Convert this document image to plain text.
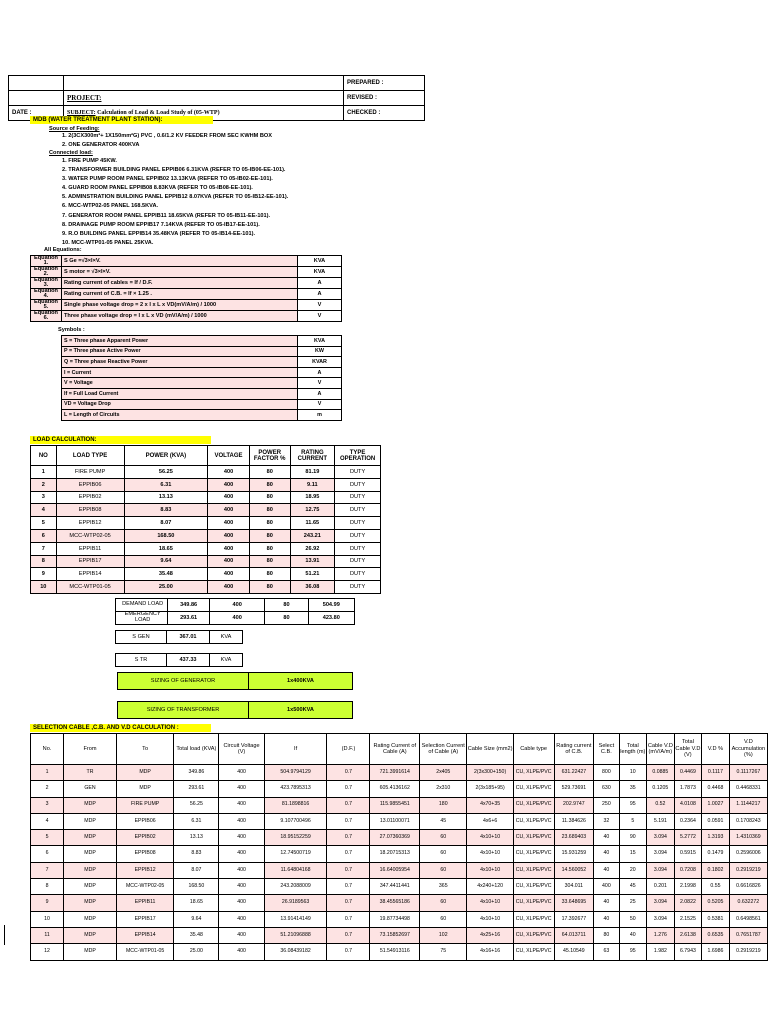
		PREPARED :
	PROJECT:	REVISED :
DATE :	SUBJECT: Calculation of Load & Load Study of (05-WTP)	CHECKED :
MDB (WATER TREATMENT PLANT STATION):
Source of Feeding:
1. 2(3CX300m²+ 1X150mm²G) PVC , 0.6/1.2 KV FEEDER FROM SEC KWHM BOX
2. ONE GENERATOR 400KVA
Connected load:
1. FIRE PUMP 45KW.
2. TRANSFORMER BUILDING PANEL EPPIB06 6.31KVA (REFER TO 05-IB06-EE-101).
3. WATER PUMP ROOM PANEL EPPIB02 13.13KVA (REFER TO 05-IB02-EE-101).
4. GUARD ROOM PANEL EPPIB08 8.83KVA (REFER TO 05-IB08-EE-101).
5. ADMINSTRATION BUILDING PANEL EPPIB12 8.07KVA (REFER TO 05-IB12-EE-101).
6. MCC-WTP02-05 PANEL 168.5KVA.
7. GENERATOR ROOM PANEL EPPIB11 18.65KVA (REFER TO 05-IB11-EE-101).
8. DRAINAGE PUMP ROOM EPPIB17 7.14KVA (REFER TO 05-IB17-EE-101).
9. R.O BUILDING PANEL EPPIB14 35.48KVA (REFER TO 05-IB14-EE-101).
10. MCC-WTP01-05 PANEL 25KVA.
All Equations:
Equation 1.	S Ge =√3×I×V.	KVA
Equation 2.	S motor = √3×I×V.	KVA
Equation 3.	Rating current of cables = If / D.F.	A
Equation 4.	Rating current of C.B. = If × 1.25 .	A
Equation 5.	Single phase voltage drop = 2 x I x L x VD(mV/A/m) / 1000	V
Equation 6.	Three phase voltage drop = I x L x VD (mV/A/m) / 1000	V
Symbols :
S = Three phase Apparent Power	KVA
P = Three phase Active Power	KW
Q = Three phase Reactive Power	KVAR
I = Current	A
V = Voltage	V
If = Full Load Current	A
VD = Voltage Drop	V
L = Length of Circuits	m
LOAD CALCULATION:
NO	LOAD TYPE	POWER (KVA)	VOLTAGE	POWER FACTOR %	RATING CURRENT	TYPE OPERATION
1	FIRE PUMP	56.25	400	80	81.19	DUTY
2	EPPIB06	6.31	400	80	9.11	DUTY
3	EPPIB02	13.13	400	80	18.95	DUTY
4	EPPIB08	8.83	400	80	12.75	DUTY
5	EPPIB12	8.07	400	80	11.65	DUTY
6	MCC-WTP02-05	168.50	400	80	243.21	DUTY
7	EPPIB11	18.65	400	80	26.92	DUTY
8	EPPIB17	9.64	400	80	13.91	DUTY
9	EPPIB14	35.48	400	80	51.21	DUTY
10	MCC-WTP01-05	25.00	400	80	36.08	DUTY
DEMAND LOAD	349.86	400	80	504.99
EMERGENCY LOAD	293.61	400	80	423.80
S GEN	367.01	KVA
S TR	437.33	KVA
SIZING OF GENERATOR	1x400KVA
SIZING OF TRANSFORMER	1x500KVA
SELECTION CABLE ,C.B. AND V.D CALCULATION :
No.	From	To	Total load (KVA)	Circuit Voltage (V)	If	(D.F.)	Rating Current of Cable (A)	Selection Current of Cable (A)	Cable Size (mm2)	Cable type	Rating current of C.B.	Select C.B.	Total length (m)	Cable V.D (mV/A/m)	Total Cable V.D (V)	V.D %	V.D Accumulation (%)
1	TR	MDP	349.86	400	504.9794129	0.7	721.3991614	2x405	2(3x300+150)	CU, XLPE/PVC	631.22427	800	10	0.0885	0.4469	0.1117	0.1117267
2	GEN	MDP	293.61	400	423.7895313	0.7	605.4136162	2x310	2(3x185+95)	CU, XLPE/PVC	529.73691	630	35	0.1205	1.7873	0.4468	0.4468331
3	MDP	FIRE PUMP	56.25	400	81.1898816	0.7	115.9855451	180	4x70+35	CU, XLPE/PVC	202.9747	250	95	0.52	4.0108	1.0027	1.1144217
4	MDP	EPPIB06	6.31	400	9.107700496	0.7	13.01100071	45	4x6+6	CU, XLPE/PVC	11.384626	32	5	5.191	0.2364	0.0591	0.1708243
5	MDP	EPPIB02	13.13	400	18.95152259	0.7	27.07360369	60	4x10+10	CU, XLPE/PVC	23.689403	40	90	3.094	5.2772	1.3193	1.4310369
6	MDP	EPPIB08	8.83	400	12.74500719	0.7	18.20715313	60	4x10+10	CU, XLPE/PVC	15.931259	40	15	3.094	0.5915	0.1479	0.2596006
7	MDP	EPPIB12	8.07	400	11.64804168	0.7	16.64005954	60	4x10+10	CU, XLPE/PVC	14.560052	40	20	3.094	0.7208	0.1802	0.2919219
8	MDP	MCC-WTP02-05	168.50	400	243.2088009	0.7	347.4411441	365	4x240+120	CU, XLPE/PVC	304.011	400	45	0.201	2.1998	0.55	0.6616826
9	MDP	EPPIB11	18.65	400	26.9189563	0.7	38.45565186	60	4x10+10	CU, XLPE/PVC	33.648695	40	25	3.094	2.0822	0.5205	0.632272
10	MDP	EPPIB17	9.64	400	13.91414149	0.7	19.87734498	60	4x10+10	CU, XLPE/PVC	17.392677	40	50	3.094	2.1525	0.5381	0.6498561
11	MDP	EPPIB14	35.48	400	51.21096888	0.7	73.15852697	102	4x25+16	CU, XLPE/PVC	64.013711	80	40	1.276	2.6138	0.6535	0.7651787
12	MDP	MCC-WTP01-05	25.00	400	36.08439182	0.7	51.54913116	75	4x16+16	CU, XLPE/PVC	45.10549	63	95	1.982	6.7943	1.6986	0.2919219
